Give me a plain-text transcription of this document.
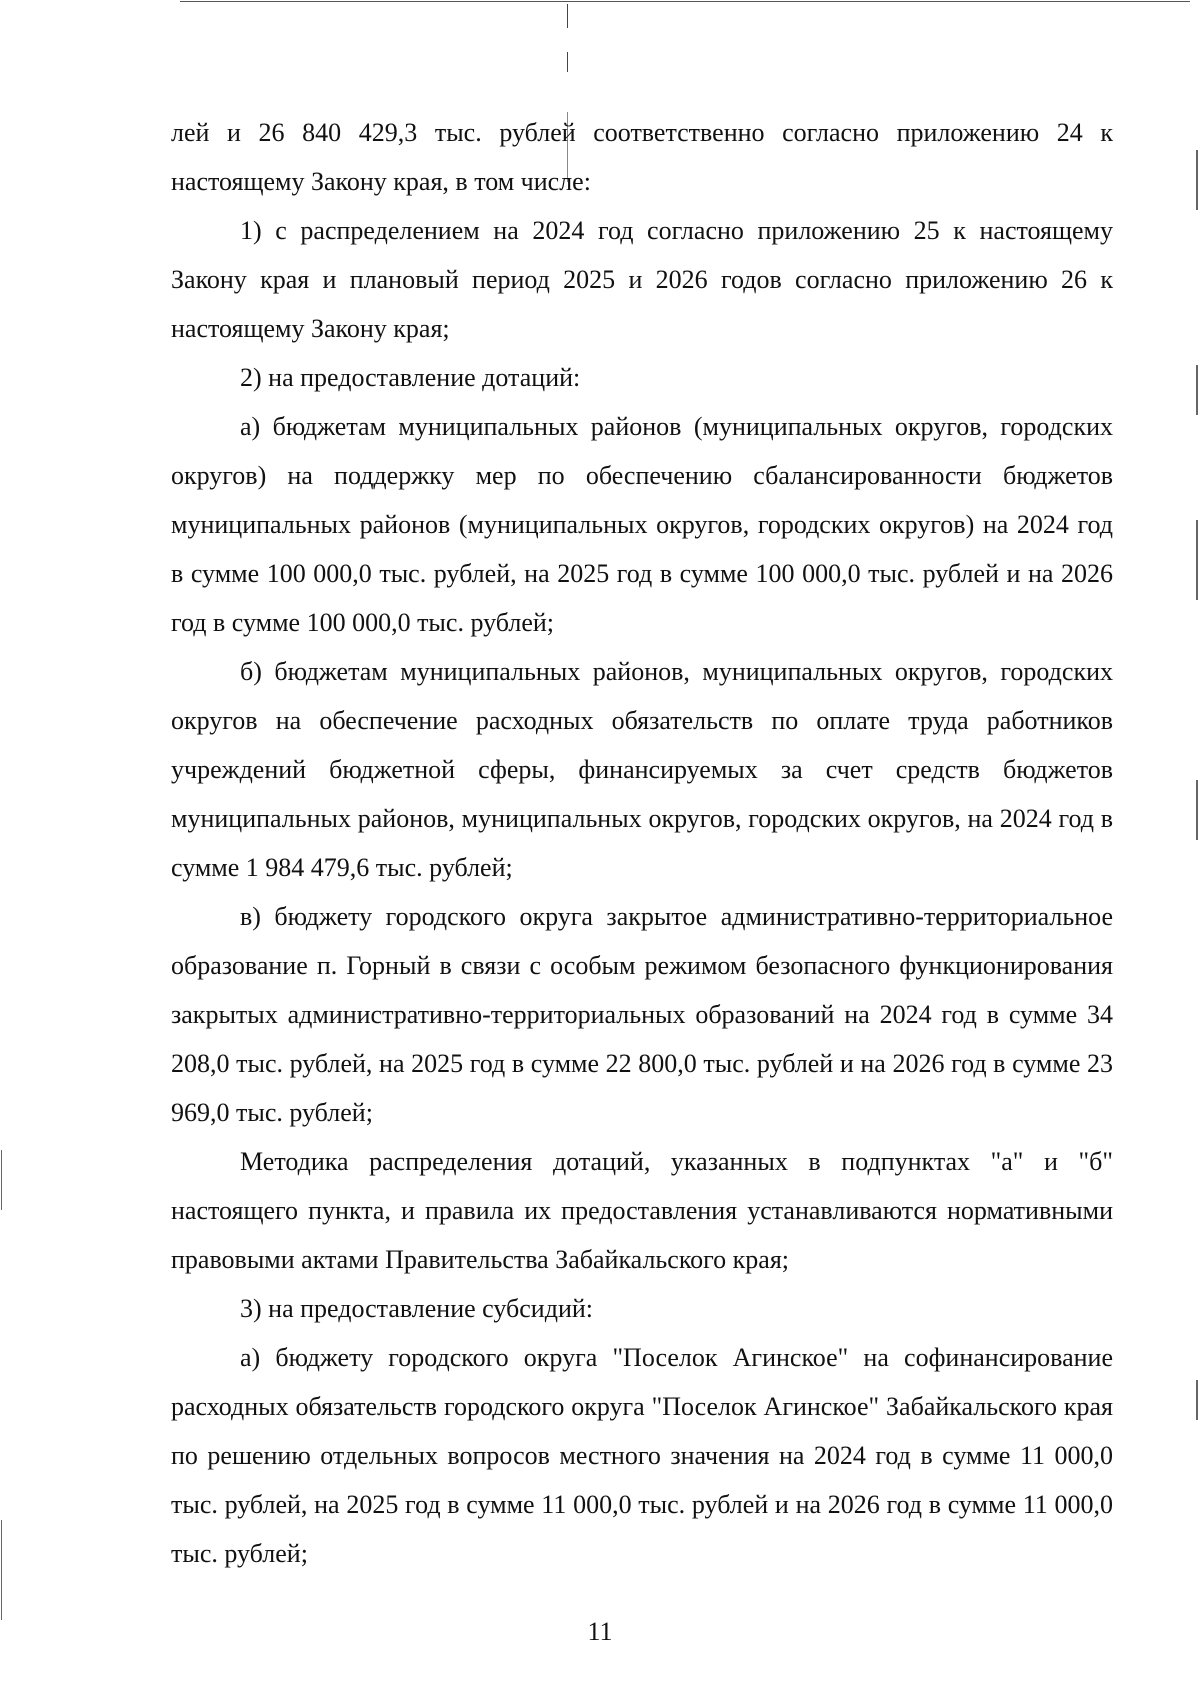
лей и 26 840 429,3 тыс. рублей соответственно согласно приложению 24 к настоящему Закону края, в том числе:

1) с распределением на 2024 год согласно приложению 25 к настоящему Закону края и плановый период 2025 и 2026 годов согласно приложению 26 к настоящему Закону края;

2) на предоставление дотаций:

а) бюджетам муниципальных районов (муниципальных округов, городских округов) на поддержку мер по обеспечению сбалансированности бюджетов муниципальных районов (муниципальных округов, городских округов) на 2024 год в сумме 100 000,0 тыс. рублей, на 2025 год в сумме 100 000,0 тыс. рублей и на 2026 год в сумме 100 000,0 тыс. рублей;

б) бюджетам муниципальных районов, муниципальных округов, городских округов на обеспечение расходных обязательств по оплате труда работников учреждений бюджетной сферы, финансируемых за счет средств бюджетов муниципальных районов, муниципальных округов, городских округов, на 2024 год в сумме 1 984 479,6 тыс. рублей;

в) бюджету городского округа закрытое административно-территориальное образование п. Горный в связи с особым режимом безопасного функционирования закрытых административно-территориальных образований на 2024 год в сумме 34 208,0 тыс. рублей, на 2025 год в сумме 22 800,0 тыс. рублей и на 2026 год в сумме 23 969,0 тыс. рублей;

Методика распределения дотаций, указанных в подпунктах "а" и "б" настоящего пункта, и правила их предоставления устанавливаются нормативными правовыми актами Правительства Забайкальского края;

3) на предоставление субсидий:

а) бюджету городского округа "Поселок Агинское" на софинансирование расходных обязательств городского округа "Поселок Агинское" Забайкальского края по решению отдельных вопросов местного значения на 2024 год в сумме 11 000,0 тыс. рублей, на 2025 год в сумме 11 000,0 тыс. рублей и на 2026 год в сумме 11 000,0 тыс. рублей;

11
